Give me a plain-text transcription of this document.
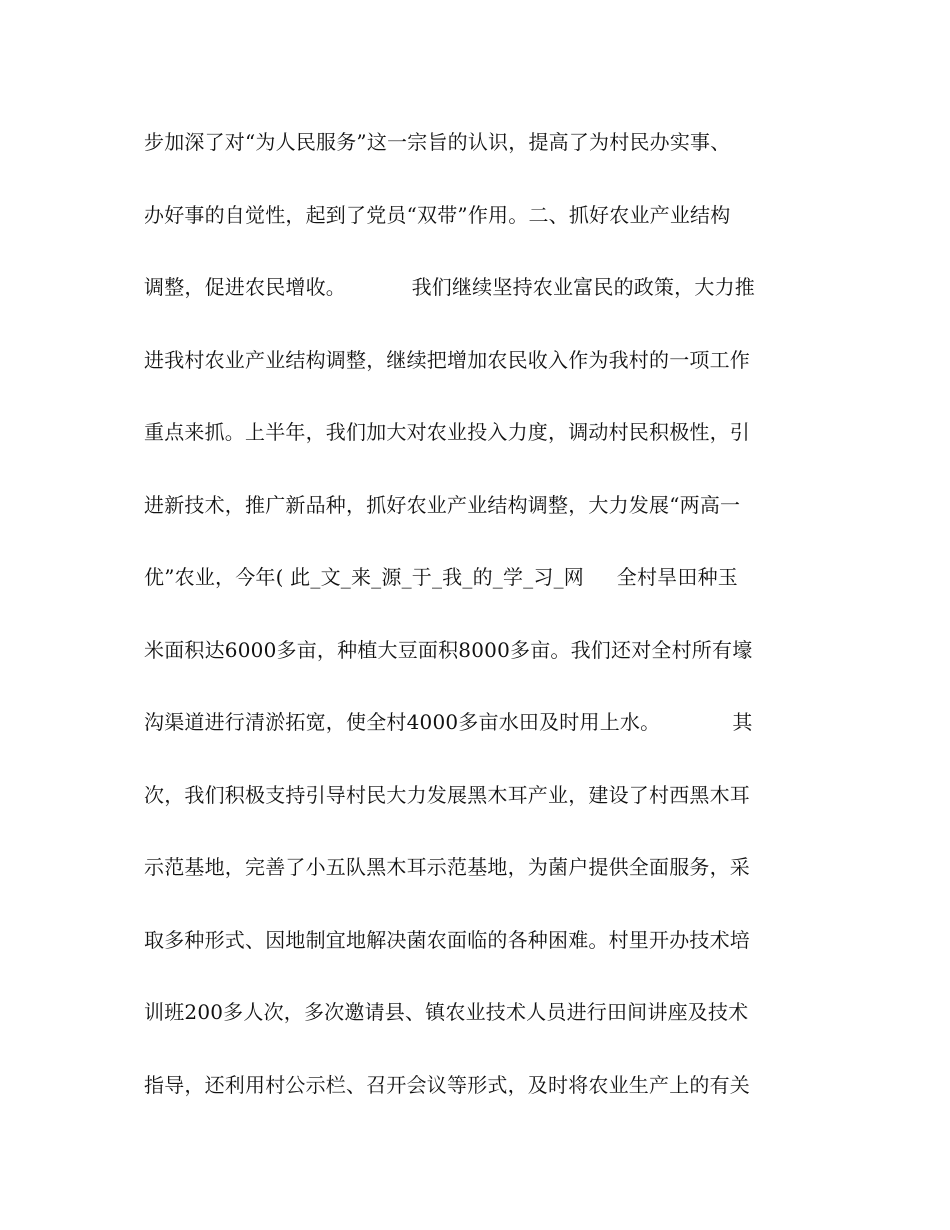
步加深了对“为人民服务”这一宗旨的认识，提高了为村民办实事、
办好事的自觉性，起到了党员“双带”作用。二、抓好农业产业结构
调整，促进农民增收。          我们继续坚持农业富民的政策，大力推
进我村农业产业结构调整，继续把增加农民收入作为我村的一项工作
重点来抓。上半年，我们加大对农业投入力度，调动村民积极性，引
进新技术，推广新品种，抓好农业产业结构调整，大力发展“两高一
优”农业，今年( 此_文_来_源_于_我_的_学_习_网     全村旱田种玉
米面积达6000多亩，种植大豆面积8000多亩。我们还对全村所有壕
沟渠道进行清淤拓宽，使全村4000多亩水田及时用上水。           其
次，我们积极支持引导村民大力发展黑木耳产业，建设了村西黑木耳
示范基地，完善了小五队黑木耳示范基地，为菌户提供全面服务，采
取多种形式、因地制宜地解决菌农面临的各种困难。村里开办技术培
训班200多人次，多次邀请县、镇农业技术人员进行田间讲座及技术
指导，还利用村公示栏、召开会议等形式，及时将农业生产上的有关
